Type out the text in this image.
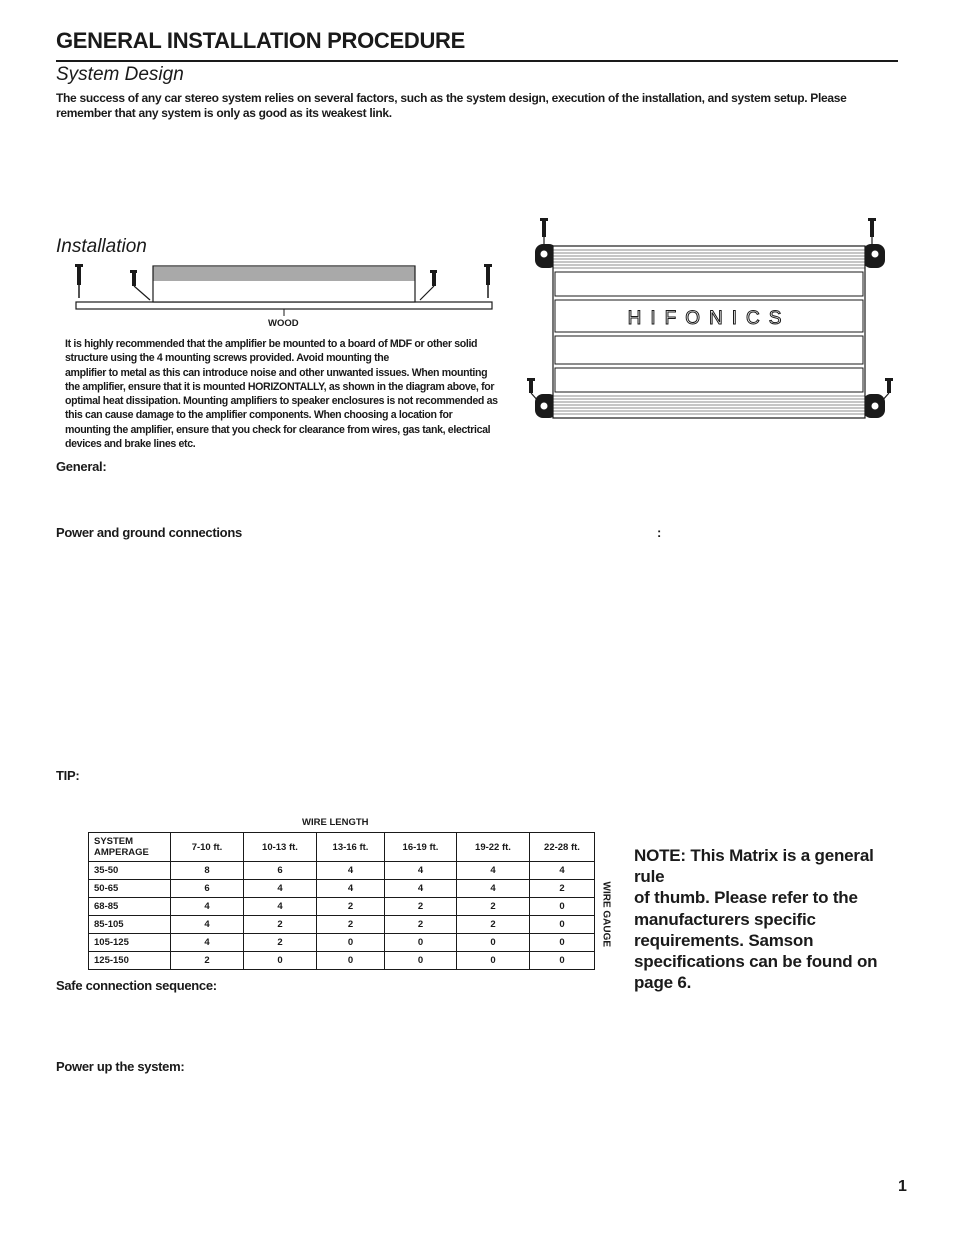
GENERAL INSTALLATION PROCEDURE
System Design
The success of any car stereo system relies on several factors, such as the system design, execution of the installation, and system setup. Please remember that any system is only as good as its weakest link.
Installation
WOOD
It is highly recommended that the amplifier be mounted to a board of MDF or other solid
structure using the 4 mounting screws provided. Avoid mounting the
amplifier to metal as this can introduce noise and other unwanted issues. When mounting
the amplifier, ensure that it is mounted HORIZONTALLY, as shown in the diagram above, for
optimal heat dissipation. Mounting amplifiers to speaker enclosures is not recommended as
this can cause damage to the amplifier components. When choosing a location for
mounting the amplifier, ensure that you check for clearance from wires, gas tank, electrical
devices and brake lines etc.
HIFONICS
General:
Power and ground connections	:
TIP:
WIRE LENGTH
SYSTEM AMPERAGE	7-10 ft.	10-13 ft.	13-16 ft.	16-19 ft.	19-22 ft.	22-28 ft.
35-50	8	6	4	4	4	4
50-65	6	4	4	4	4	2
68-85	4	4	2	2	2	0
85-105	4	2	2	2	2	0
105-125	4	2	0	0	0	0
125-150	2	0	0	0	0	0
WIRE GAUGE
NOTE: This Matrix is a general rule
of thumb. Please refer to the
manufacturers specific
requirements. Samson
specifications can be found on
page 6.
Safe connection sequence:
Power up the system:
1
